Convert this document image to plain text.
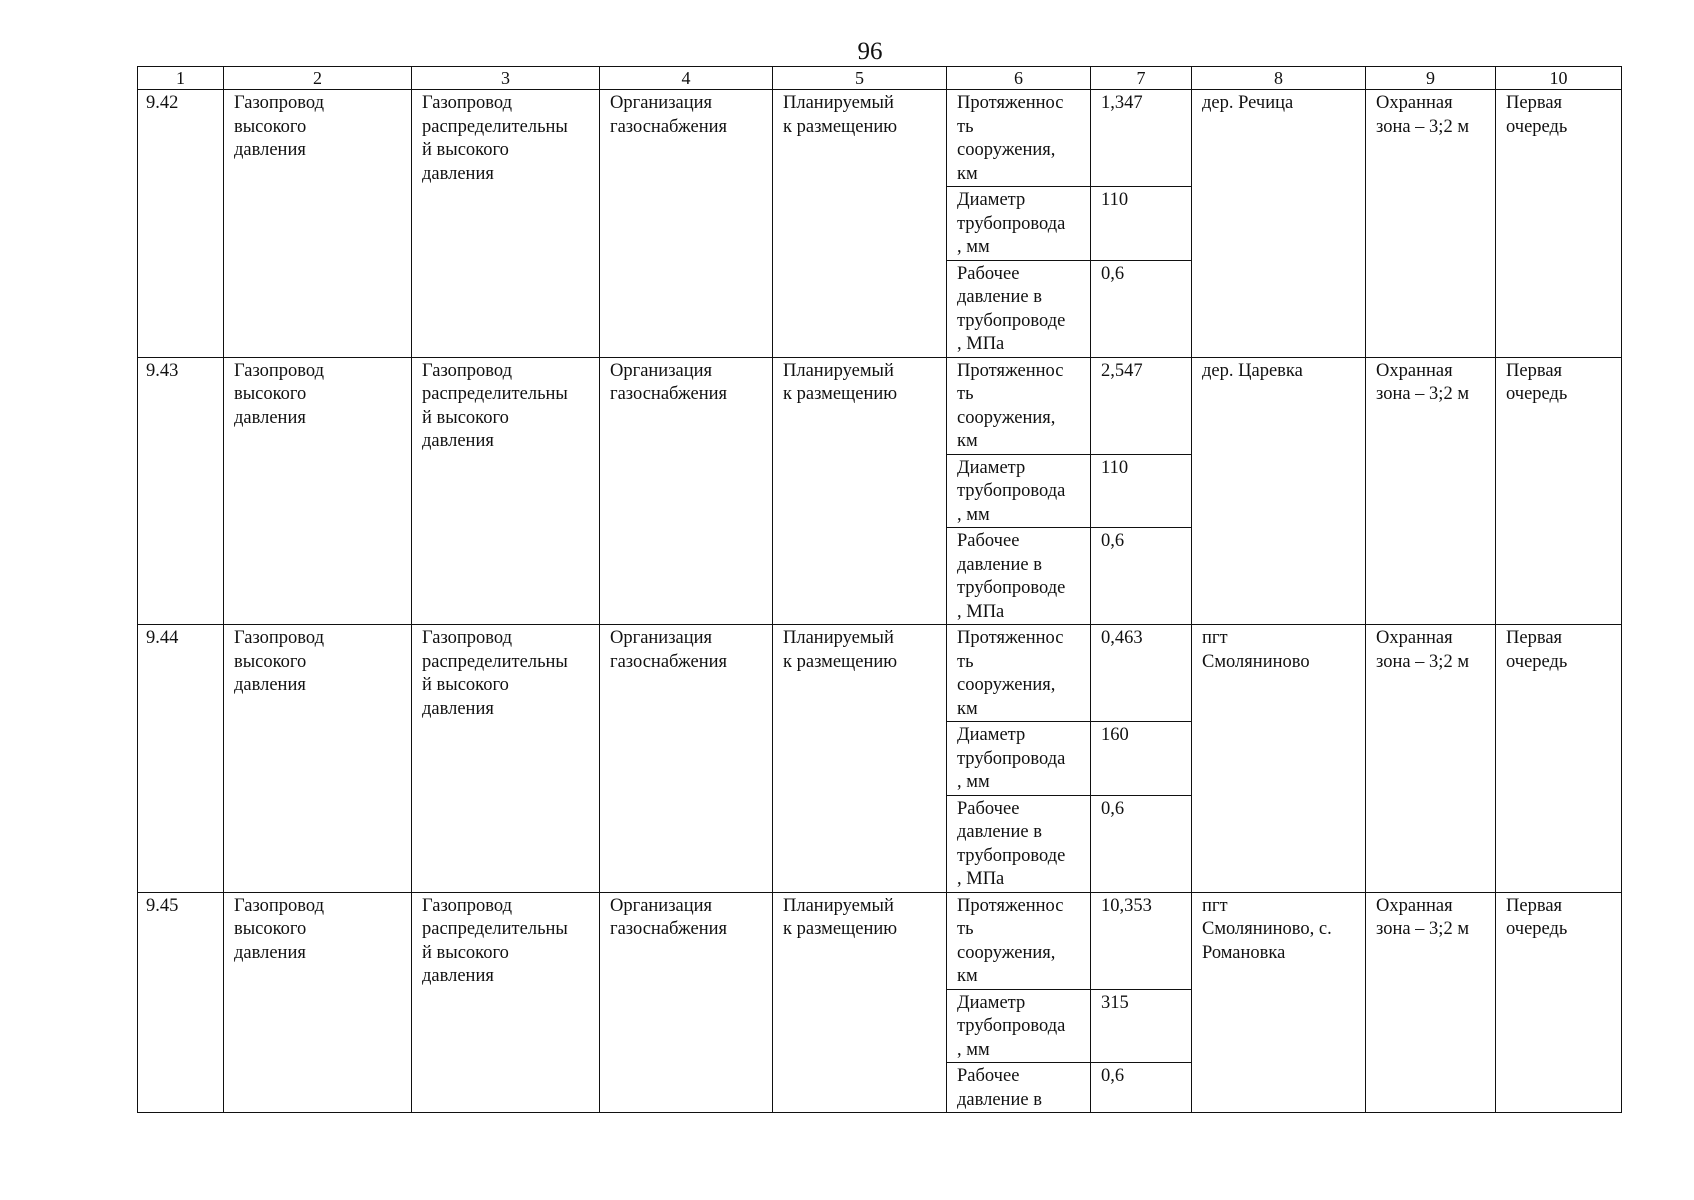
96
1	2	3	4	5	6	7	8	9	10

9.42	Газопровод
высокого
давления	Газопровод
распределительны
й высокого
давления	Организация
газоснабжения	Планируемый
к размещению	Протяженнос
ть
сооружения,
км	1,347	дер. Речица	Охранная
зона – 3;2 м	Первая
очередь

					Диаметр
трубопровода
, мм	110			

					Рабочее
давление в
трубопроводе
, МПа	0,6			

9.43	Газопровод
высокого
давления	Газопровод
распределительны
й высокого
давления	Организация
газоснабжения	Планируемый
к размещению	Протяженнос
ть
сооружения,
км	2,547	дер. Царевка	Охранная
зона – 3;2 м	Первая
очередь

					Диаметр
трубопровода
, мм	110			

					Рабочее
давление в
трубопроводе
, МПа	0,6			

9.44	Газопровод
высокого
давления	Газопровод
распределительны
й высокого
давления	Организация
газоснабжения	Планируемый
к размещению	Протяженнос
ть
сооружения,
км	0,463	пгт
Смоляниново	Охранная
зона – 3;2 м	Первая
очередь

					Диаметр
трубопровода
, мм	160			

					Рабочее
давление в
трубопроводе
, МПа	0,6			

9.45	Газопровод
высокого
давления	Газопровод
распределительны
й высокого
давления	Организация
газоснабжения	Планируемый
к размещению	Протяженнос
ть
сооружения,
км	10,353	пгт
Смоляниново, с.
Романовка	Охранная
зона – 3;2 м	Первая
очередь

					Диаметр
трубопровода
, мм	315			

					Рабочее
давление в	0,6			
